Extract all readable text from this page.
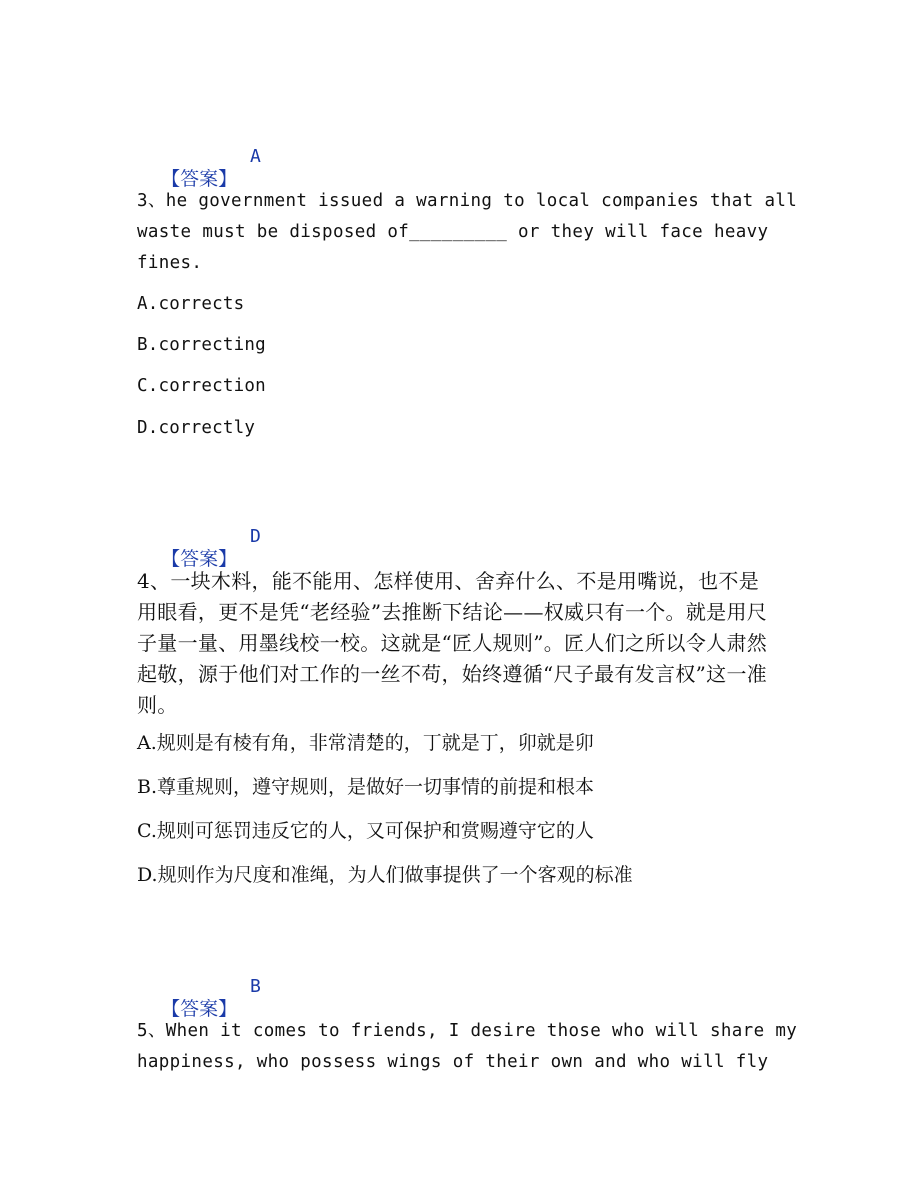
【答案】

A

3、he government issued a warning to local companies that all
waste must be disposed of_________ or they will face heavy
fines.
A.corrects
B.correcting
C.correction
D.correctly

【答案】

D

4、一块木料，能不能用、怎样使用、舍弃什么、不是用嘴说，也不是
用眼看，更不是凭“老经验”去推断下结论——权威只有一个。就是用尺
子量一量、用墨线校一校。这就是“匠人规则”。匠人们之所以令人肃然
起敬，源于他们对工作的一丝不苟，始终遵循“尺子最有发言权”这一准
则。
A.规则是有棱有角，非常清楚的，丁就是丁，卯就是卯
B.尊重规则，遵守规则，是做好一切事情的前提和根本
C.规则可惩罚违反它的人，又可保护和赏赐遵守它的人
D.规则作为尺度和准绳，为人们做事提供了一个客观的标准

【答案】

B

5、When it comes to friends, I desire those who will share my
happiness, who possess wings of their own and who will fly
